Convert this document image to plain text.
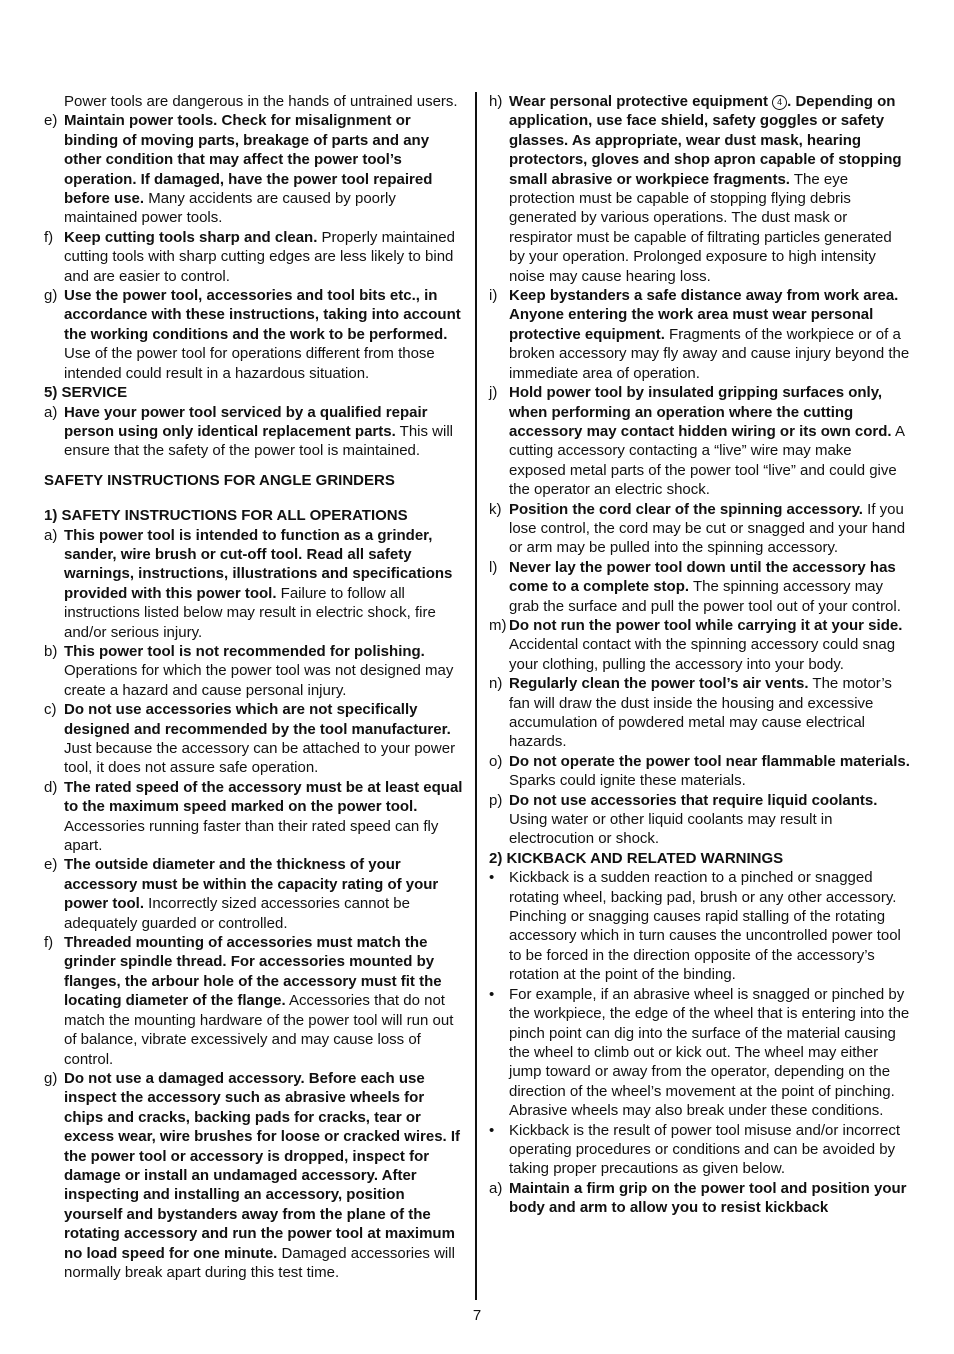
Power tools are dangerous in the hands of untrained users.
e) Maintain power tools. Check for misalignment or binding of moving parts, breakage of parts and any other condition that may affect the power tool’s operation. If damaged, have the power tool repaired before use. Many accidents are caused by poorly maintained power tools.
f) Keep cutting tools sharp and clean. Properly maintained cutting tools with sharp cutting edges are less likely to bind and are easier to control.
g) Use the power tool, accessories and tool bits etc., in accordance with these instructions, taking into account the working conditions and the work to be performed. Use of the power tool for operations different from those intended could result in a hazardous situation.
5) SERVICE
a) Have your power tool serviced by a qualified repair person using only identical replacement parts. This will ensure that the safety of the power tool is maintained.
SAFETY INSTRUCTIONS FOR ANGLE GRINDERS
1) SAFETY INSTRUCTIONS FOR ALL OPERATIONS
a) This power tool is intended to function as a grinder, sander, wire brush or cut-off tool. Read all safety warnings, instructions, illustrations and specifications provided with this power tool. Failure to follow all instructions listed below may result in electric shock, fire and/or serious injury.
b) This power tool is not recommended for polishing. Operations for which the power tool was not designed may create a hazard and cause personal injury.
c) Do not use accessories which are not specifically designed and recommended by the tool manufacturer. Just because the accessory can be attached to your power tool, it does not assure safe operation.
d) The rated speed of the accessory must be at least equal to the maximum speed marked on the power tool. Accessories running faster than their rated speed can fly apart.
e) The outside diameter and the thickness of your accessory must be within the capacity rating of your power tool. Incorrectly sized accessories cannot be adequately guarded or controlled.
f) Threaded mounting of accessories must match the grinder spindle thread. For accessories mounted by flanges, the arbour hole of the accessory must fit the locating diameter of the flange. Accessories that do not match the mounting hardware of the power tool will run out of balance, vibrate excessively and may cause loss of control.
g) Do not use a damaged accessory. Before each use inspect the accessory such as abrasive wheels for chips and cracks, backing pads for cracks, tear or excess wear, wire brushes for loose or cracked wires. If the power tool or accessory is dropped, inspect for damage or install an undamaged accessory. After inspecting and installing an accessory, position yourself and bystanders away from the plane of the rotating accessory and run the power tool at maximum no load speed for one minute. Damaged accessories will normally break apart during this test time.
h) Wear personal protective equipment 4 . Depending on application, use face shield, safety goggles or safety glasses. As appropriate, wear dust mask, hearing protectors, gloves and shop apron capable of stopping small abrasive or workpiece fragments. The eye protection must be capable of stopping flying debris generated by various operations. The dust mask or respirator must be capable of filtrating particles generated by your operation. Prolonged exposure to high intensity noise may cause hearing loss.
i) Keep bystanders a safe distance away from work area. Anyone entering the work area must wear personal protective equipment. Fragments of the workpiece or of a broken accessory may fly away and cause injury beyond the immediate area of operation.
j) Hold power tool by insulated gripping surfaces only, when performing an operation where the cutting accessory may contact hidden wiring or its own cord. A cutting accessory contacting a “live” wire may make exposed metal parts of the power tool “live” and could give the operator an electric shock.
k) Position the cord clear of the spinning accessory. If you lose control, the cord may be cut or snagged and your hand or arm may be pulled into the spinning accessory.
l) Never lay the power tool down until the accessory has come to a complete stop. The spinning accessory may grab the surface and pull the power tool out of your control.
m) Do not run the power tool while carrying it at your side. Accidental contact with the spinning accessory could snag your clothing, pulling the accessory into your body.
n) Regularly clean the power tool’s air vents. The motor’s fan will draw the dust inside the housing and excessive accumulation of powdered metal may cause electrical hazards.
o) Do not operate the power tool near flammable materials. Sparks could ignite these materials.
p) Do not use accessories that require liquid coolants. Using water or other liquid coolants may result in electrocution or shock.
2) KICKBACK AND RELATED WARNINGS
• Kickback is a sudden reaction to a pinched or snagged rotating wheel, backing pad, brush or any other accessory. Pinching or snagging causes rapid stalling of the rotating accessory which in turn causes the uncontrolled power tool to be forced in the direction opposite of the accessory’s rotation at the point of the binding.
• For example, if an abrasive wheel is snagged or pinched by the workpiece, the edge of the wheel that is entering into the pinch point can dig into the surface of the material causing the wheel to climb out or kick out. The wheel may either jump toward or away from the operator, depending on the direction of the wheel’s movement at the point of pinching. Abrasive wheels may also break under these conditions.
• Kickback is the result of power tool misuse and/or incorrect operating procedures or conditions and can be avoided by taking proper precautions as given below.
a) Maintain a firm grip on the power tool and position your body and arm to allow you to resist kickback
7
